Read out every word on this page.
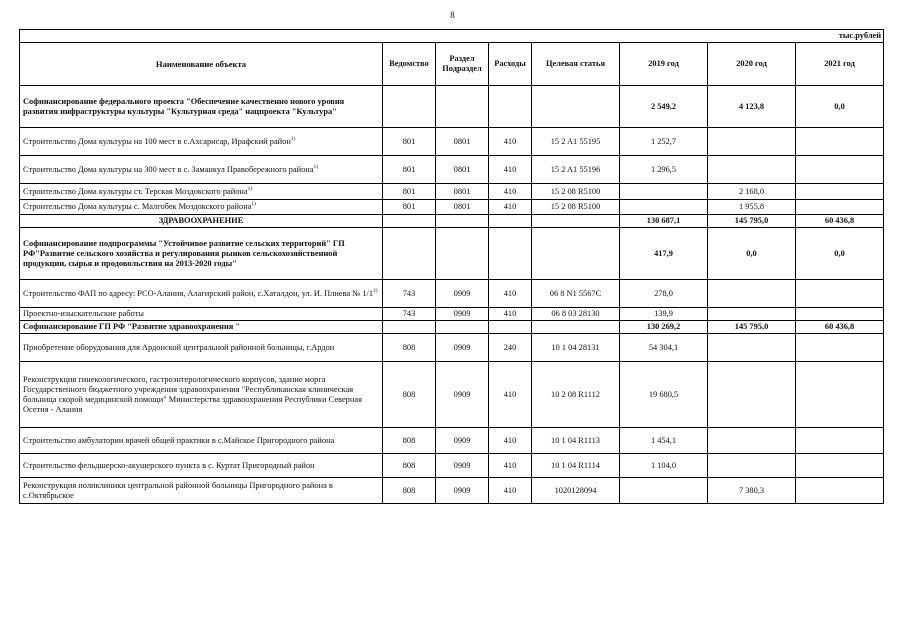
8
тыс.рублей							
Наименование объекта	Ведомство	Раздел Подраздел	Расходы	Целевая статья	2019 год	2020 год	2021 год
Софинансирование федерального проекта "Обеспечение качественно нового уровня развития инфраструктуры культуры "Культурная среда" нацпроекта "Культура"					2 549,2	4 123,8	0,0
Строительство Дома культуры на 100 мест в с.Ахсарисар, Ирафский район$^{1)}$	801	0801	410	15 2 A1 55195	1 252,7		
Строительство Дома культуры на 300 мест в с. Заманкул Правобережного района$^{1)}$	801	0801	410	15 2 A1 55196	1 296,5		
Строительство Дома культуры ст. Терская Моздокского района$^{1)}$	801	0801	410	15 2 08 R5100		2 168,0	
Строительство Дома культуры с. Малгобек Моздокского района$^{1)}$	801	0801	410	15 2 08 R5100		1 955,8	
ЗДРАВООХРАНЕНИЕ					130 687,1	145 795,0	60 436,8
Софинансирование подпрограммы "Устойчивое развитие сельских территорий" ГП РФ"Развитие сельского хозяйства и регулирования рынков сельскохозяйственной продукции, сырья и продовольствия на 2013-2020 годы"					417,9	0,0	0,0
Строительство ФАП по адресу: РСО-Алания, Алагирский район, с.Хаталдон, ул. И. Плиева № 1/1$^{2)}$	743	0909	410	06 8 N1 5567C	278,0		
Проектно-изыскательские работы	743	0909	410	06 8 03 28130	139,9		
Софинансирование ГП РФ "Развитие здравоохранения "					130 269,2	145 795,0	60 436,8
Приобретение оборудования для Ардонской центральной районной больницы, г.Ардон	808	0909	240	10 1 04 28131	54 304,1		
Реконструкция гинекологического, гастроэнтерологического корпусов, здание морга Государственного бюджетного учреждения здравоохранения "Республиканская клиническая больница скорой медицинской помощи" Министерства здравоохранения Республики Северная Осетия - Алания	808	0909	410	10 2 08 R1112	19 680,5		
Строительство амбулатории врачей общей практики в с.Майское Пригородного района	808	0909	410	10 1 04 R1113	1 454,1		
Строительство фельдшерско-акушерского пункта в с. Куртат Пригородный район	808	0909	410	10 1 04 R1114	1 104,0		
Реконструкция поликлиники центральной районной больницы Пригородного района в с.Октябрьское	808	0909	410	1020128094		7 380,3	
